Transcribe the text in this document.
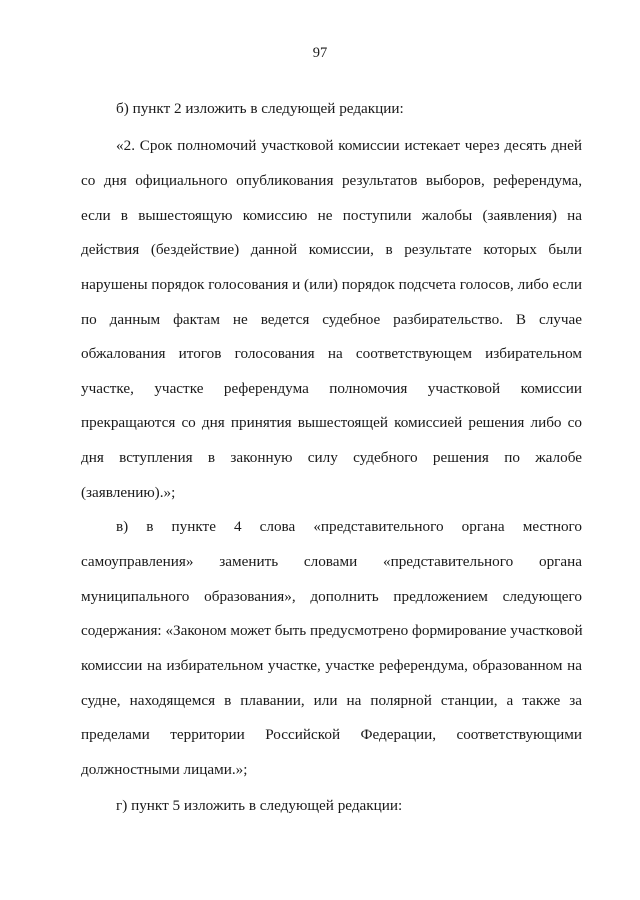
97
б) пункт 2 изложить в следующей редакции:
«2. Срок полномочий участковой комиссии истекает через десять дней
со дня официального опубликования результатов выборов, референдума,
если в вышестоящую комиссию не поступили жалобы (заявления) на
действия (бездействие) данной комиссии, в результате которых были
нарушены порядок голосования и (или) порядок подсчета голосов, либо если
по данным фактам не ведется судебное разбирательство. В случае
обжалования итогов голосования на соответствующем избирательном
участке, участке референдума полномочия участковой комиссии
прекращаются со дня принятия вышестоящей комиссией решения либо со
дня вступления в законную силу судебного решения по жалобе
(заявлению).»;
в) в пункте 4 слова «представительного органа местного
самоуправления» заменить словами «представительного органа
муниципального образования», дополнить предложением следующего
содержания: «Законом может быть предусмотрено формирование участковой
комиссии на избирательном участке, участке референдума, образованном на
судне, находящемся в плавании, или на полярной станции, а также за
пределами территории Российской Федерации, соответствующими
должностными лицами.»;
г) пункт 5 изложить в следующей редакции:
